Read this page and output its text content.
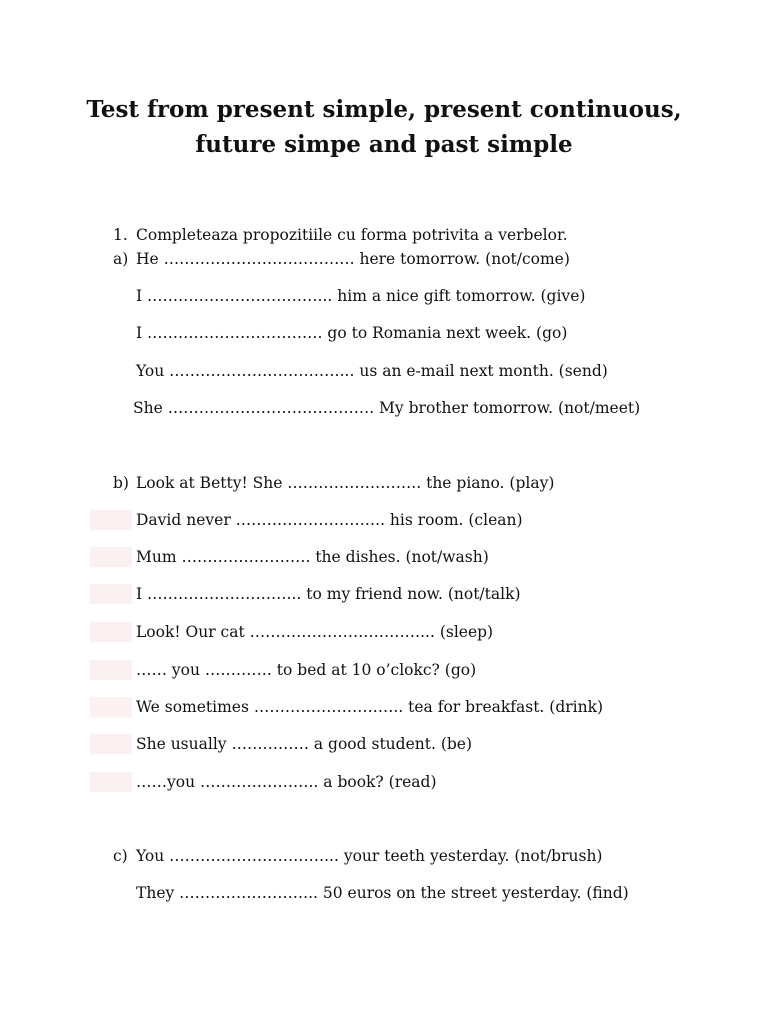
Test from present simple, present continuous,
future simpe and past simple
1. Completeaza propozitiile cu forma potrivita a verbelor.
a) He ………………………………. here tomorrow. (not/come)
I ……………………………... him a nice gift tomorrow. (give)
I ……………………………. go to Romania next week. (go)
You ……………………………... us an e-mail next month. (send)
She …………………………………. My brother tomorrow. (not/meet)
b) Look at Betty! She …………………….. the piano. (play)
David never ……………………….. his room. (clean)
Mum ……………………. the dishes. (not/wash)
I ………………………... to my friend now. (not/talk)
Look! Our cat ……………………………... (sleep)
…… you …………. to bed at 10 o’clokc? (go)
We sometimes ……………………….. tea for breakfast. (drink)
She usually …………… a good student. (be)
……you ………………….. a book? (read)
c) You …………………………... your teeth yesterday. (not/brush)
They ……………………... 50 euros on the street yesterday. (find)
